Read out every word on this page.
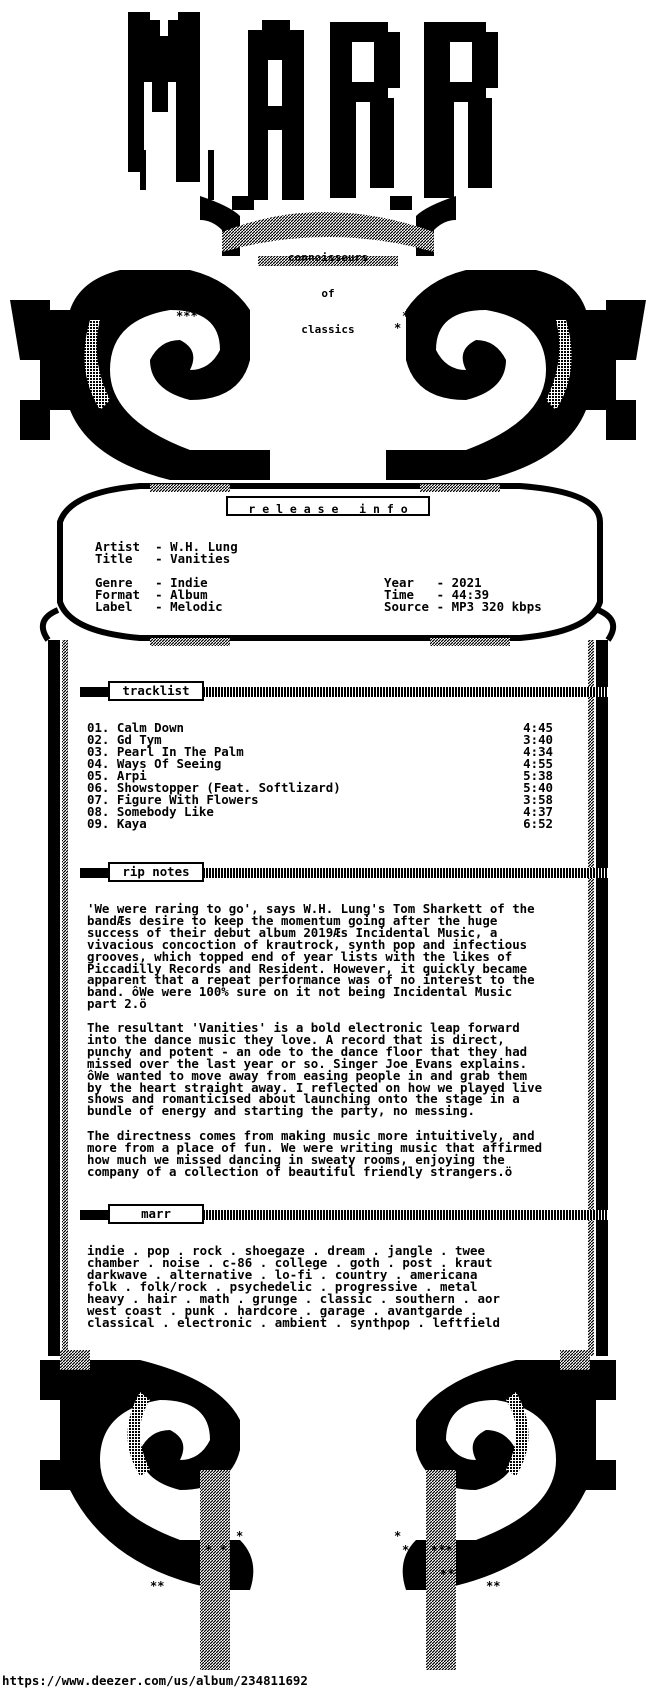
**
* ***
*
*** * *
*
**
*** *
*
* * ***
*
*
*** * *
*
* ***
**
*
* * ***
*
*** *
**

connoisseurs

of

classics

r e l e a s e   i n f o
Artist  - W.H. Lung
Title   - Vanities
Genre   - Indie
Format  - Album
Label   - Melodic
Year   - 2021
Time   - 44:39
Source - MP3 320 kbps
tracklist
01. Calm Down	4:45
02. Gd Tym	3:40
03. Pearl In The Palm	4:34
04. Ways Of Seeing	4:55
05. Arpi	5:38
06. Showstopper (Feat. Softlizard)	5:40
07. Figure With Flowers	3:58
08. Somebody Like	4:37
09. Kaya	6:52
rip notes
'We were raring to go', says W.H. Lung's Tom Sharkett of the
bandÆs desire to keep the momentum going after the huge
success of their debut album 2019Æs Incidental Music, a
vivacious concoction of krautrock, synth pop and infectious
grooves, which topped end of year lists with the likes of
Piccadilly Records and Resident. However, it quickly became
apparent that a repeat performance was of no interest to the
band. ôWe were 100% sure on it not being Incidental Music
part 2.ö
The resultant 'Vanities' is a bold electronic leap forward
into the dance music they love. A record that is direct,
punchy and potent - an ode to the dance floor that they had
missed over the last year or so. Singer Joe Evans explains.
ôWe wanted to move away from easing people in and grab them
by the heart straight away. I reflected on how we played live
shows and romanticised about launching onto the stage in a
bundle of energy and starting the party, no messing.
The directness comes from making music more intuitively, and
more from a place of fun. We were writing music that affirmed
how much we missed dancing in sweaty rooms, enjoying the
company of a collection of beautiful friendly strangers.ö
marr
indie . pop . rock . shoegaze . dream . jangle . twee
chamber . noise . c-86 . college . goth . post . kraut
darkwave . alternative . lo-fi . country . americana
folk . folk/rock . psychedelic . progressive . metal
heavy . hair . math . grunge . classic . southern . aor
west coast . punk . hardcore . garage . avantgarde .
classical . electronic . ambient . synthpop . leftfield
https://www.deezer.com/us/album/234811692
